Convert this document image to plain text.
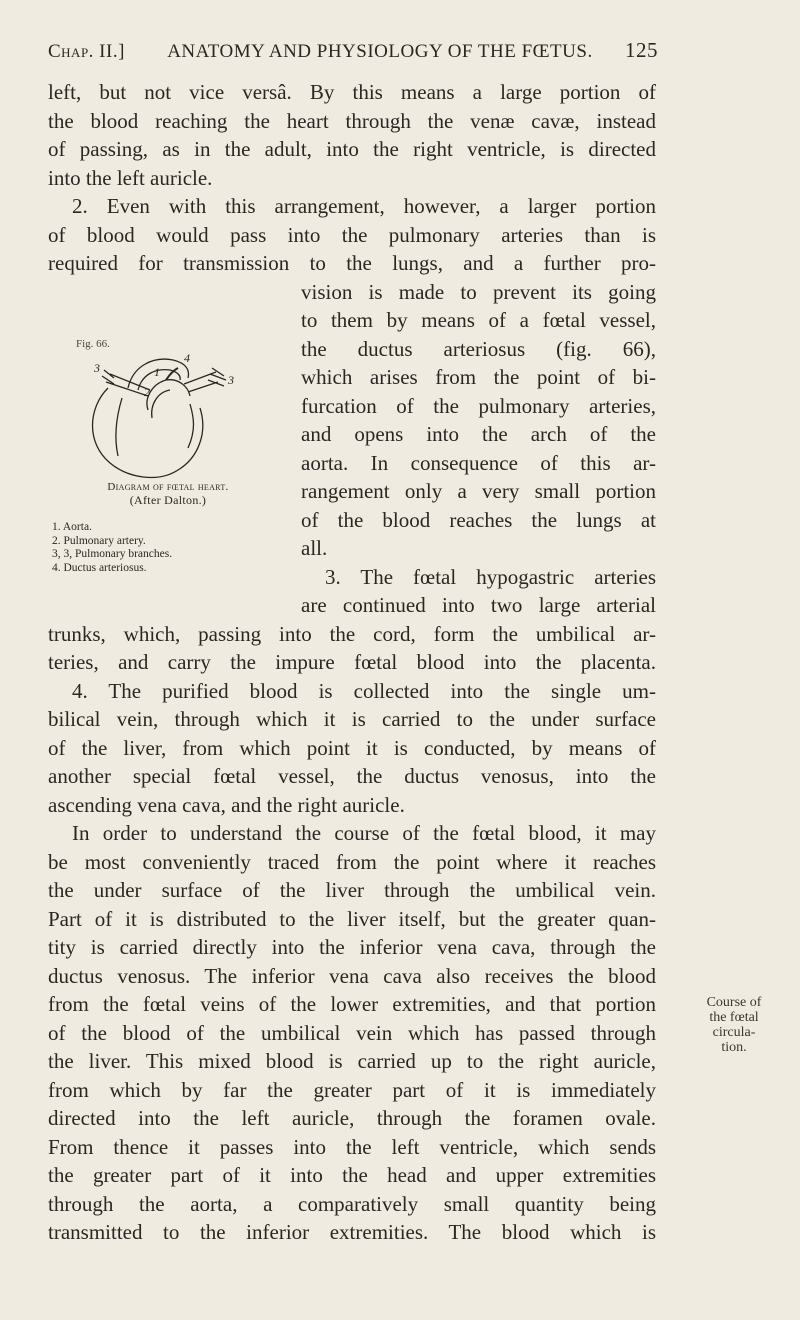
Chap. II.]	ANATOMY AND PHYSIOLOGY OF THE FŒTUS.	125
left, but not vice versâ. By this means a large portion of
the blood reaching the heart through the venæ cavæ, instead
of passing, as in the adult, into the right ventricle, is directed
into the left auricle.
2. Even with this arrangement, however, a larger portion
of blood would pass into the pulmonary arteries than is
required for transmission to the lungs, and a further pro-
vision is made to prevent its going
to them by means of a fœtal vessel,
the ductus arteriosus (fig. 66),
which arises from the point of bi-
furcation of the pulmonary arteries,
and opens into the arch of the
aorta. In consequence of this ar-
rangement only a very small portion
of the blood reaches the lungs at
all.
3. The fœtal hypogastric arteries
are continued into two large arterial
trunks, which, passing into the cord, form the umbilical ar-
teries, and carry the impure fœtal blood into the placenta.
4. The purified blood is collected into the single um-
bilical vein, through which it is carried to the under surface
of the liver, from which point it is conducted, by means of
another special fœtal vessel, the ductus venosus, into the
ascending vena cava, and the right auricle.
In order to understand the course of the fœtal blood, it may
be most conveniently traced from the point where it reaches
the under surface of the liver through the umbilical vein.
Part of it is distributed to the liver itself, but the greater quan-
tity is carried directly into the inferior vena cava, through the
ductus venosus. The inferior vena cava also receives the blood
from the fœtal veins of the lower extremities, and that portion
of the blood of the umbilical vein which has passed through
the liver. This mixed blood is carried up to the right auricle,
from which by far the greater part of it is immediately
directed into the left auricle, through the foramen ovale.
From thence it passes into the left ventricle, which sends
the greater part of it into the head and upper extremities
through the aorta, a comparatively small quantity being
transmitted to the inferior extremities. The blood which is
Fig. 66.
3
4
3
2
1
Diagram of fœtal heart.
(After Dalton.)
1. Aorta.
2. Pulmonary artery.
3, 3, Pulmonary branches.
4. Ductus arteriosus.
Course of the fœtal circula-tion.
